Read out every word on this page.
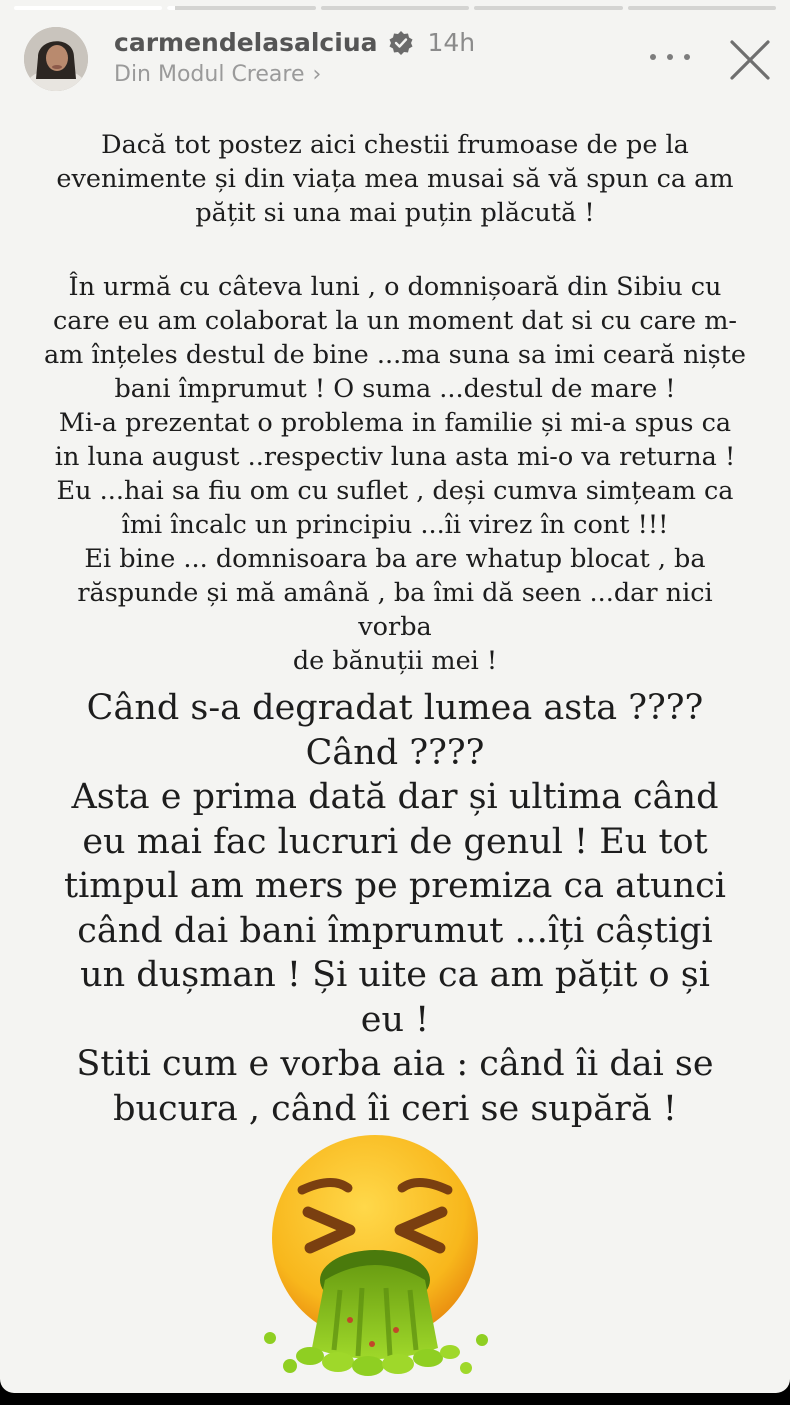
carmendelasalciua 14h
Din Modul Creare ›
Dacă tot postez aici chestii frumoase de pe la evenimente și din viața mea musai să vă spun ca am pățit si una mai puțin plăcută !
În urmă cu câteva luni , o domnișoară din Sibiu cu
care eu am colaborat la un moment dat si cu care m-
am înțeles destul de bine ...ma suna sa imi ceară niște
bani împrumut ! O suma ...destul de mare !
Mi-a prezentat o problema in familie și mi-a spus ca
in luna august ..respectiv luna asta mi-o va returna !
Eu ...hai sa fiu om cu suflet , deși cumva simțeam ca
îmi încalc un principiu ...îi virez în cont !!!
Ei bine ... domnisoara ba are whatup blocat , ba
răspunde și mă amână , ba îmi dă seen ...dar nici vorba
de bănuții mei !
Când s-a degradat lumea asta ????
Când ????
Asta e prima dată dar și ultima când
eu mai fac lucruri de genul ! Eu tot
timpul am mers pe premiza ca atunci
când dai bani împrumut ...îți câștigi
un dușman ! Și uite ca am pățit o și
eu !
Stiti cum e vorba aia : când îi dai se
bucura , când îi ceri se supără !
